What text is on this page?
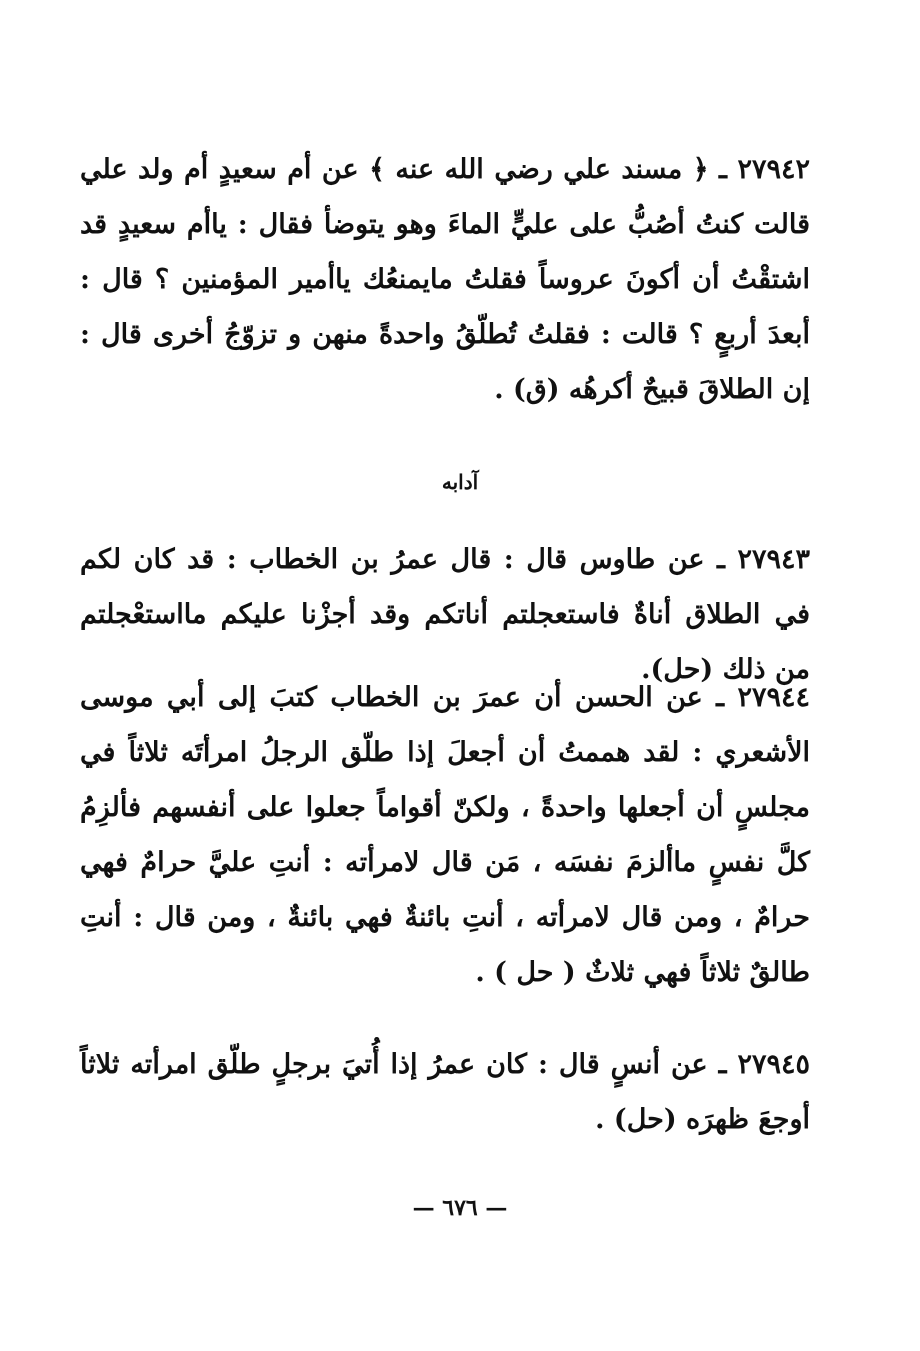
٢٧٩٤٢ ـ ﴿ مسند علي رضي الله عنه ﴾ عن أم سعيدٍ أم ولد علي قالت كنتُ أصُبُّ على عليٍّ الماءَ وهو يتوضأ فقال : ياأم سعيدٍ قد اشتقْتُ أن أكونَ عروساً فقلتُ مايمنعُك ياأمير المؤمنين ؟ قال : أبعدَ أربعٍ ؟ قالت : فقلتُ تُطلّقُ واحدةً منهن و تزوّجُ أخرى قال : إن الطلاقَ قبيحٌ أكرهُه (ق) .

آدابه

٢٧٩٤٣ ـ عن طاوس قال : قال عمرُ بن الخطاب : قد كان لكم في الطلاق أناةٌ فاستعجلتم أناتكم وقد أجزْنا عليكم مااستعْجلتم من ذلك (حل).

٢٧٩٤٤ ـ عن الحسن أن عمرَ بن الخطاب كتبَ إلى أبي موسى الأشعري : لقد هممتُ أن أجعلَ إذا طلّق الرجلُ امرأتَه ثلاثاً في مجلسٍ أن أجعلها واحدةً ، ولكنّ أقواماً جعلوا على أنفسهم فألزِمُ كلَّ نفسٍ ماألزمَ نفسَه ، مَن قال لامرأته : أنتِ عليَّ حرامٌ فهي حرامٌ ، ومن قال لامرأته ، أنتِ بائنةٌ فهي بائنةٌ ، ومن قال : أنتِ طالقٌ ثلاثاً فهي ثلاثٌ ( حل ) .

٢٧٩٤٥ ـ عن أنسٍ قال : كان عمرُ إذا أُتيَ برجلٍ طلّق امرأته ثلاثاً أوجعَ ظهرَه (حل) .

— ٦٧٦ —
